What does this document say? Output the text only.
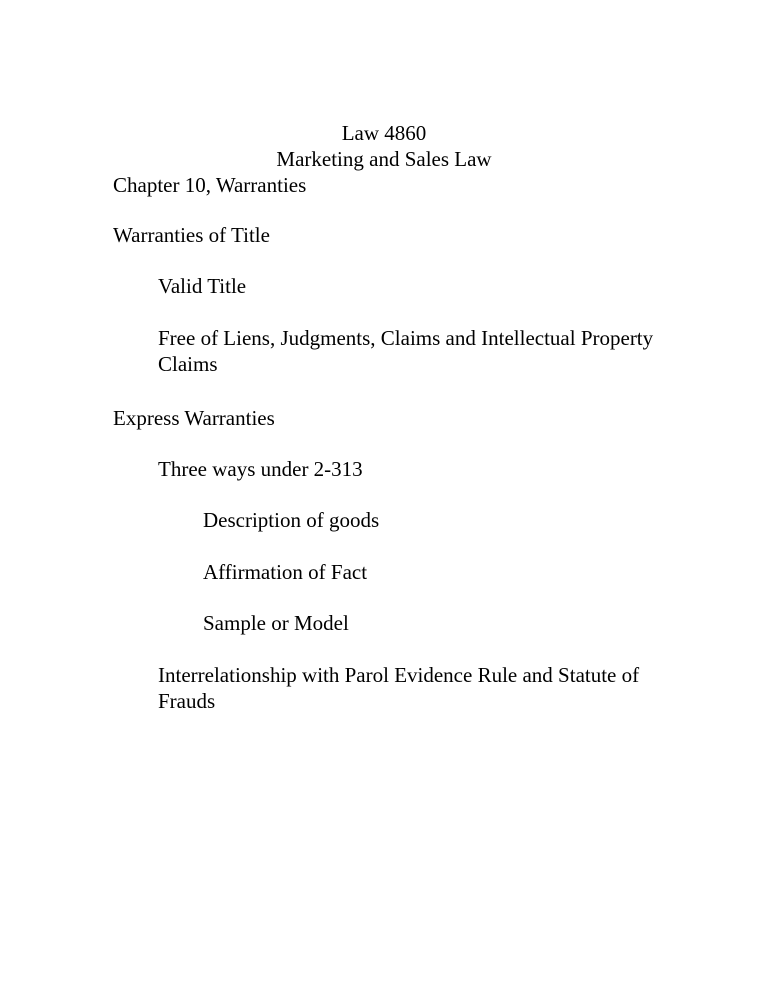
Law 4860
Marketing and Sales Law
Chapter 10, Warranties
Warranties of Title
Valid Title
Free of Liens, Judgments, Claims and Intellectual Property Claims
Express Warranties
Three ways under 2-313
Description of goods
Affirmation of Fact
Sample or Model
Interrelationship with Parol Evidence Rule and Statute of Frauds
